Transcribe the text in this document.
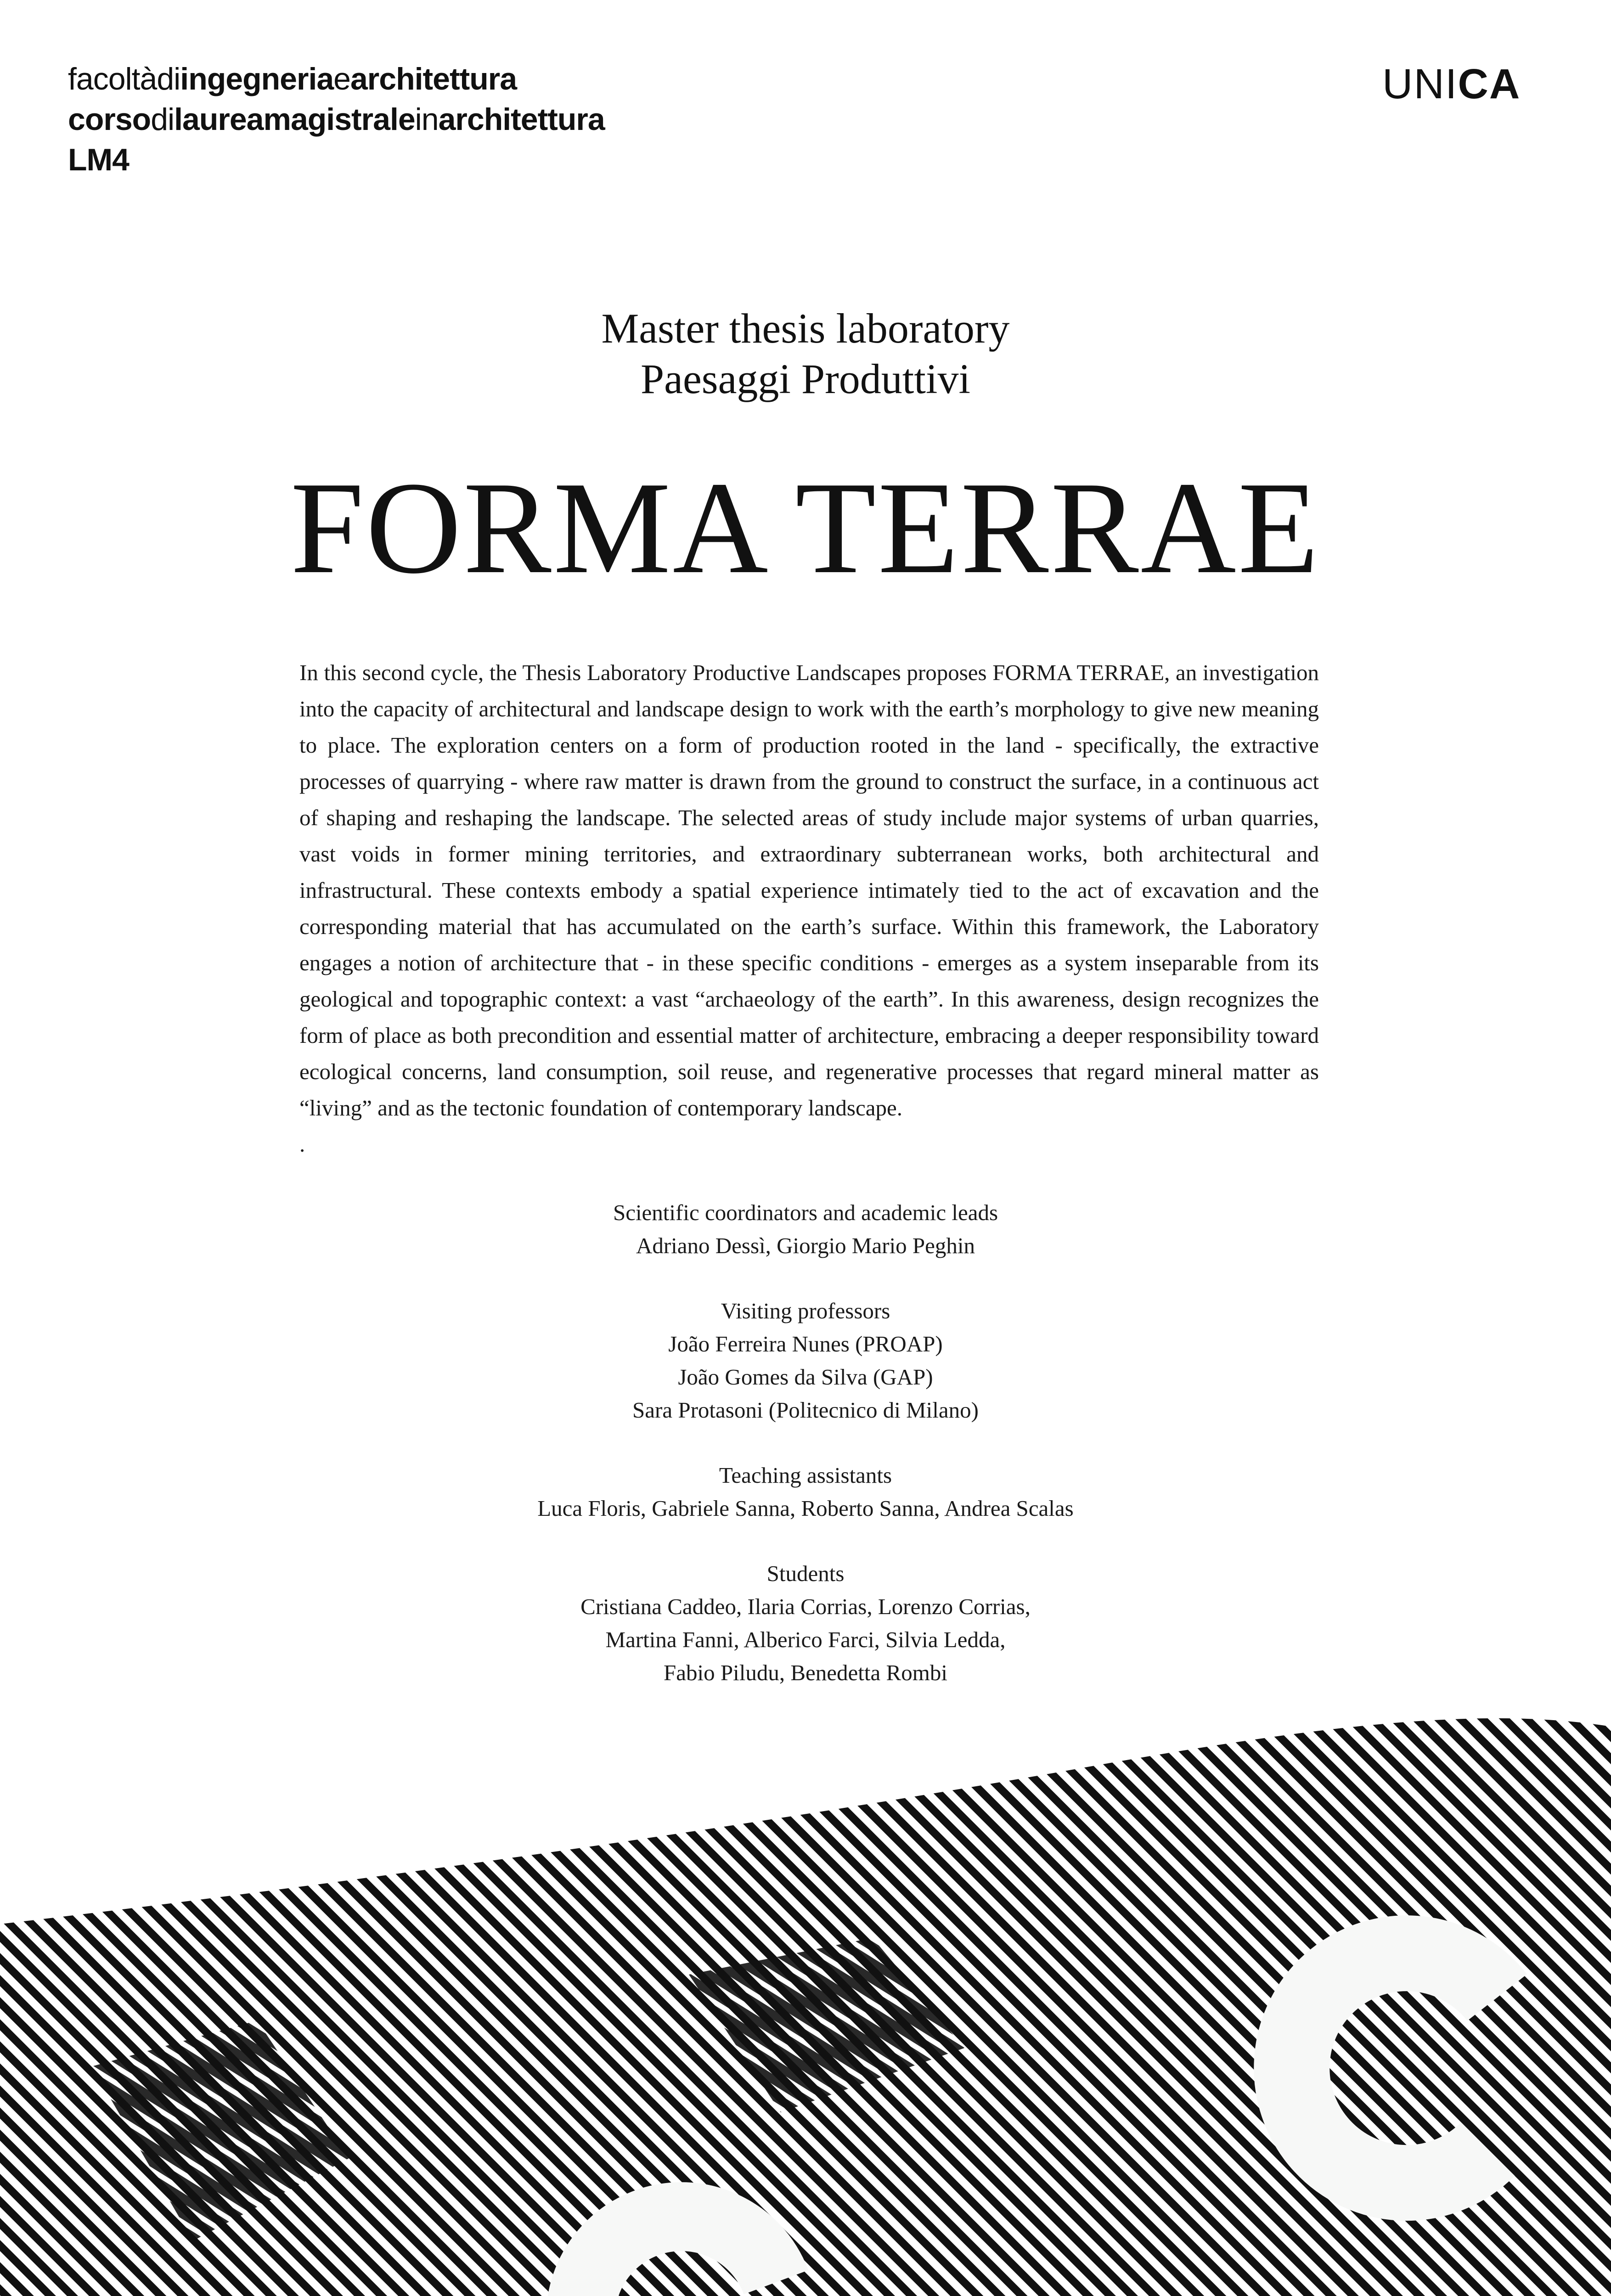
facoltàdiingegneriaearchitettura
corsodilaureamagistraleinarchitettura
LM4
UNICA
Master thesis laboratory
Paesaggi Produttivi
FORMA TERRAE
In this second cycle, the Thesis Laboratory Productive Landscapes proposes FORMA TERRAE, an investigation into the capacity of architectural and landscape design to work with the earth’s morphology to give new meaning to place. The exploration centers on a form of production rooted in the land - specifically, the extractive processes of quarrying - where raw matter is drawn from the ground to construct the surface, in a continuous act of shaping and reshaping the landscape. The selected areas of study include major systems of urban quarries, vast voids in former mining territories, and extraordinary subterranean works, both architectural and infrastructural. These contexts embody a spatial experience intimately tied to the act of excavation and the corresponding material that has accumulated on the earth’s surface. Within this framework, the Laboratory engages a notion of architecture that - in these specific conditions - emerges as a system inseparable from its geological and topographic context: a vast “archaeology of the earth”. In this awareness, design recognizes the form of place as both precondition and essential matter of architecture, embracing a deeper responsibility toward ecological concerns, land consumption, soil reuse, and regenerative processes that regard mineral matter as “living” and as the tectonic foundation of contemporary landscape.
.
Scientific coordinators and academic leads
Adriano Dessì, Giorgio Mario Peghin
Visiting professors
João Ferreira Nunes (PROAP)
João Gomes da Silva (GAP)
Sara Protasoni (Politecnico di Milano)
Teaching assistants
Luca Floris, Gabriele Sanna, Roberto Sanna, Andrea Scalas
Students
Cristiana Caddeo, Ilaria Corrias, Lorenzo Corrias,
Martina Fanni, Alberico Farci, Silvia Ledda,
Fabio Piludu, Benedetta Rombi
